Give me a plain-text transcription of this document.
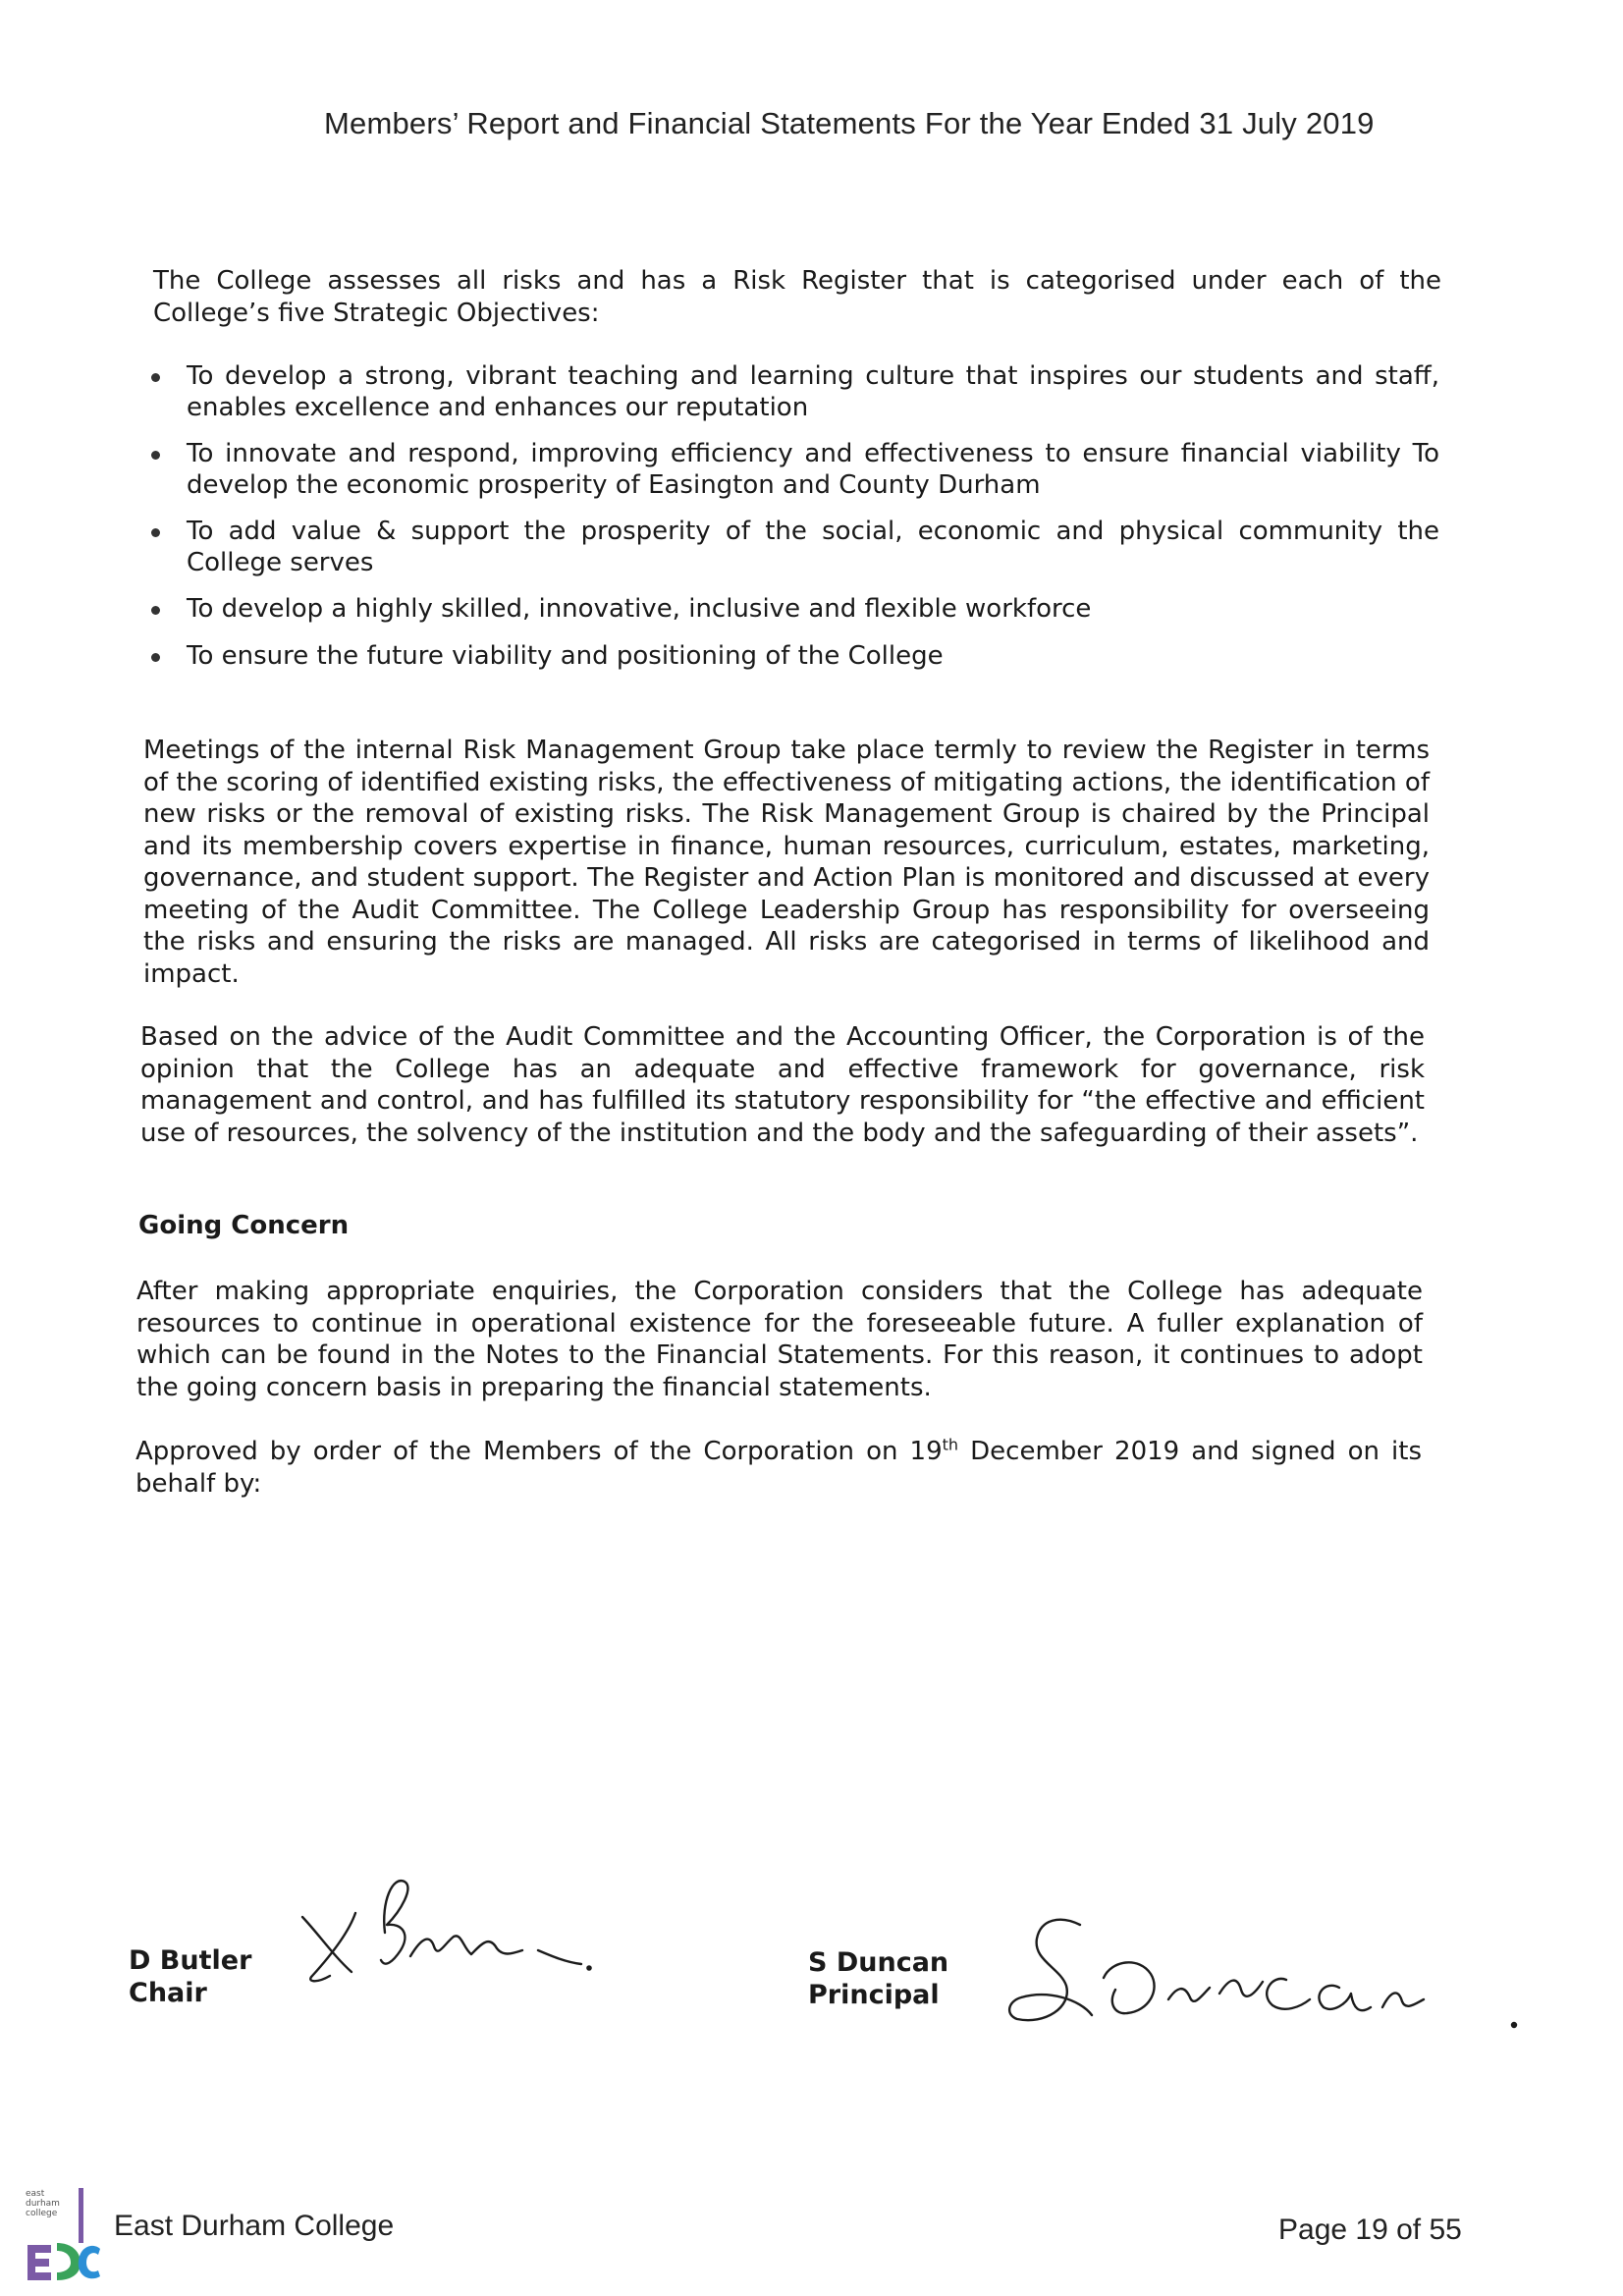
Members’ Report and Financial Statements For the Year Ended 31 July 2019

The College assesses all risks and has a Risk Register that is categorised under each of the College’s five Strategic Objectives:

To develop a strong, vibrant teaching and learning culture that inspires our students and staff, enables excellence and enhances our reputation
To innovate and respond, improving efficiency and effectiveness to ensure financial viability To develop the economic prosperity of Easington and County Durham
To add value & support the prosperity of the social, economic and physical community the College serves
To develop a highly skilled, innovative, inclusive and flexible workforce
To ensure the future viability and positioning of the College

Meetings of the internal Risk Management Group take place termly to review the Register in terms of the scoring of identified existing risks, the effectiveness of mitigating actions, the identification of new risks or the removal of existing risks. The Risk Management Group is chaired by the Principal and its membership covers expertise in finance, human resources, curriculum, estates, marketing, governance, and student support. The Register and Action Plan is monitored and discussed at every meeting of the Audit Committee. The College Leadership Group has responsibility for overseeing the risks and ensuring the risks are managed. All risks are categorised in terms of likelihood and impact.

Based on the advice of the Audit Committee and the Accounting Officer, the Corporation is of the opinion that the College has an adequate and effective framework for governance, risk management and control, and has fulfilled its statutory responsibility for “the effective and efficient use of resources, the solvency of the institution and the body and the safeguarding of their assets”.

Going Concern

After making appropriate enquiries, the Corporation considers that the College has adequate resources to continue in operational existence for the foreseeable future. A fuller explanation of which can be found in the Notes to the Financial Statements. For this reason, it continues to adopt the going concern basis in preparing the financial statements.

Approved by order of the Members of the Corporation on 19th December 2019 and signed on its behalf by:

D Butler
Chair
S Duncan
Principal
east
durham
college East Durham College	Page 19 of 55
